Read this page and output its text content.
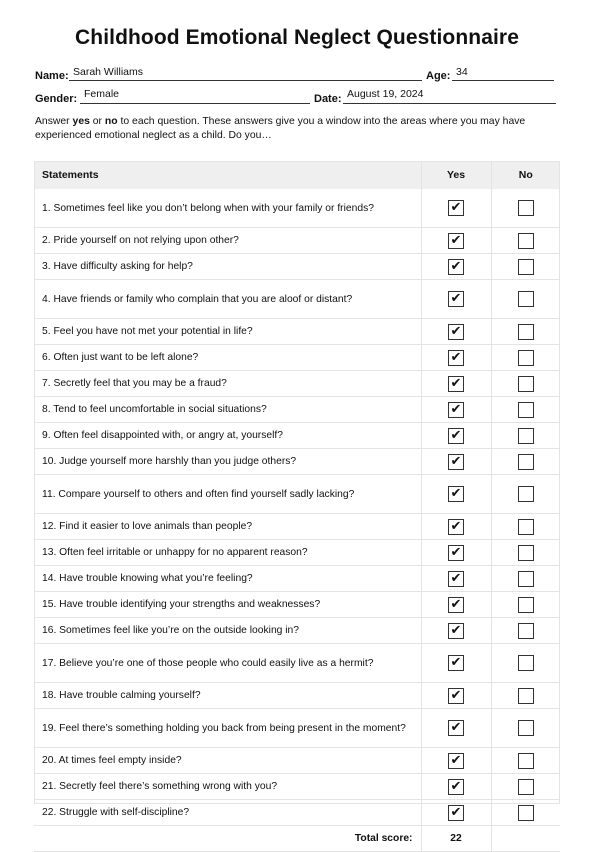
Childhood Emotional Neglect Questionnaire
Name: Sarah Williams	Age: 34
Gender: Female	Date: August 19, 2024
Answer yes or no to each question. These answers give you a window into the areas where you may have experienced emotional neglect as a child. Do you…
Statements	Yes	No
1. Sometimes feel like you don’t belong when with your family or friends?	✔	

2. Pride yourself on not relying upon other?	✔	

3. Have difficulty asking for help?	✔	

4. Have friends or family who complain that you are aloof or distant?	✔	

5. Feel you have not met your potential in life?	✔	

6. Often just want to be left alone?	✔	

7. Secretly feel that you may be a fraud?	✔	

8. Tend to feel uncomfortable in social situations?	✔	

9. Often feel disappointed with, or angry at, yourself?	✔	

10. Judge yourself more harshly than you judge others?	✔	

11. Compare yourself to others and often find yourself sadly lacking?	✔	

12. Find it easier to love animals than people?	✔	

13. Often feel irritable or unhappy for no apparent reason?	✔	

14. Have trouble knowing what you’re feeling?	✔	

15. Have trouble identifying your strengths and weaknesses?	✔	

16. Sometimes feel like you’re on the outside looking in?	✔	

17. Believe you’re one of those people who could easily live as a hermit?	✔	

18. Have trouble calming yourself?	✔	

19. Feel there’s something holding you back from being present in the moment?	✔	

20. At times feel empty inside?	✔	

21. Secretly feel there’s something wrong with you?	✔	

22. Struggle with self-discipline?	✔	

Total score:	22	
